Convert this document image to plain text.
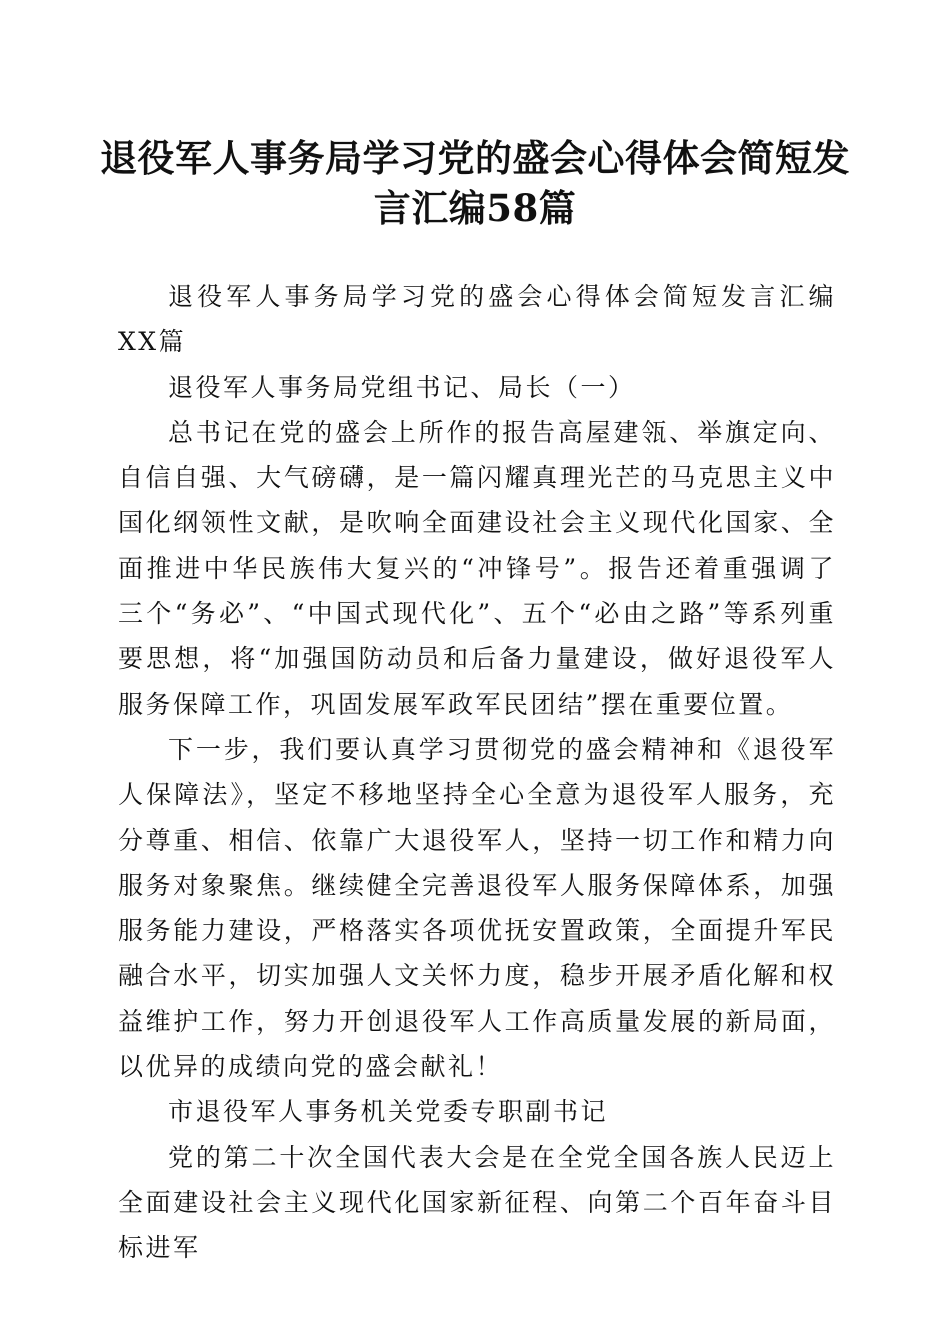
退役军人事务局学习党的盛会心得体会简短发
言汇编58篇

退役军人事务局学习党的盛会心得体会简短发言汇编XX篇

退役军人事务局党组书记、局长（一）

总书记在党的盛会上所作的报告高屋建瓴、举旗定向、自信自强、大气磅礴，是一篇闪耀真理光芒的马克思主义中国化纲领性文献，是吹响全面建设社会主义现代化国家、全面推进中华民族伟大复兴的“冲锋号”。报告还着重强调了三个“务必”、“中国式现代化”、五个“必由之路”等系列重要思想，将“加强国防动员和后备力量建设，做好退役军人服务保障工作，巩固发展军政军民团结”摆在重要位置。

下一步，我们要认真学习贯彻党的盛会精神和《退役军人保障法》，坚定不移地坚持全心全意为退役军人服务，充分尊重、相信、依靠广大退役军人，坚持一切工作和精力向服务对象聚焦。继续健全完善退役军人服务保障体系，加强服务能力建设，严格落实各项优抚安置政策，全面提升军民融合水平，切实加强人文关怀力度，稳步开展矛盾化解和权益维护工作，努力开创退役军人工作高质量发展的新局面，以优异的成绩向党的盛会献礼！

市退役军人事务机关党委专职副书记

党的第二十次全国代表大会是在全党全国各族人民迈上全面建设社会主义现代化国家新征程、向第二个百年奋斗目标进军
